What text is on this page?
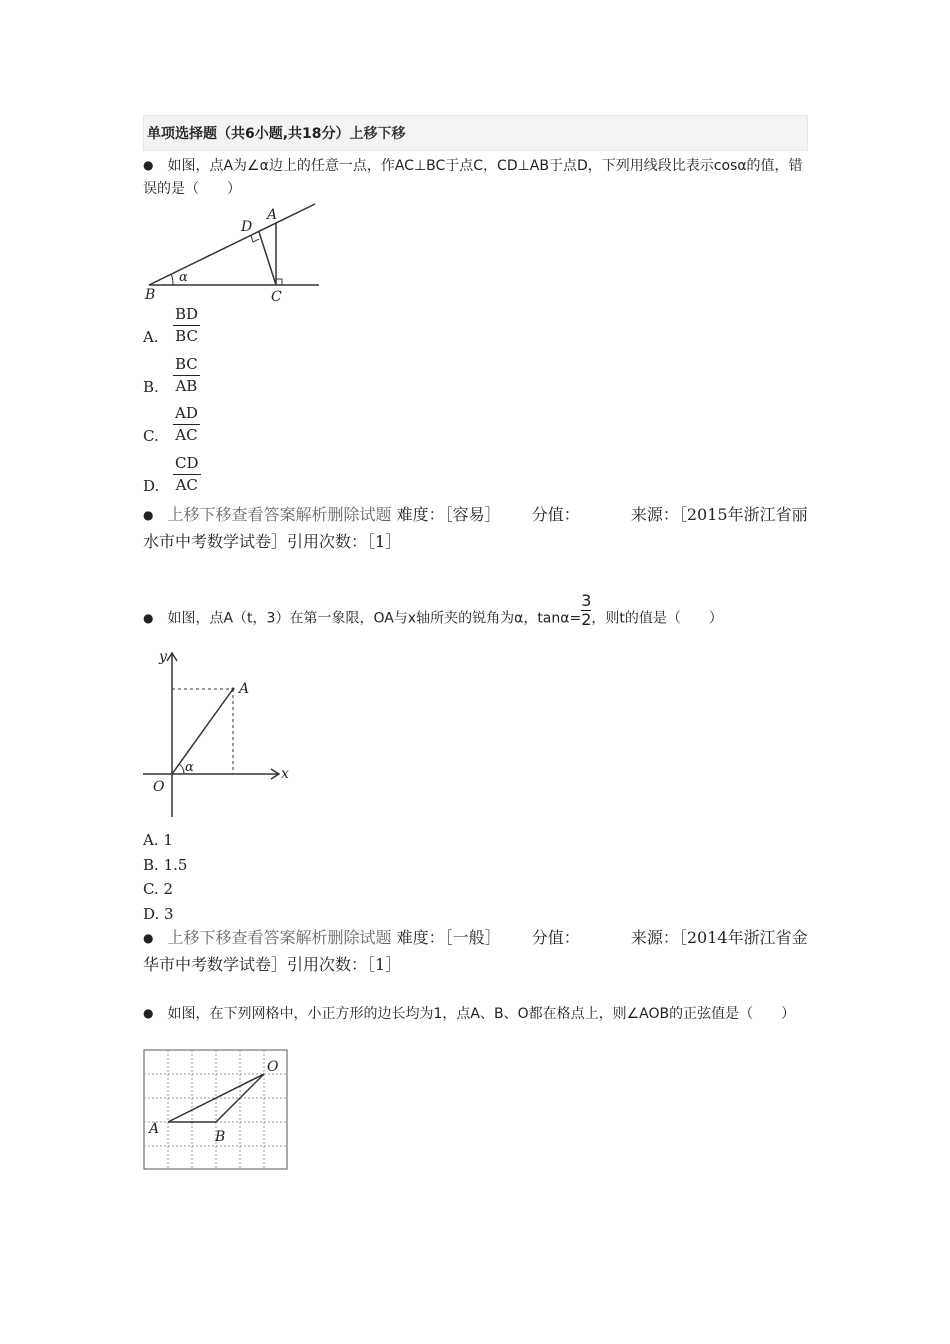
单项选择题（共6小题,共18分）上移下移
● 如图，点A为∠α边上的任意一点，作AC⊥BC于点C，CD⊥AB于点D，下列用线段比表示cosα的值，错误的是（　　）
A
B	C
D
α
A. $\frac{BD}{BC}$
B. $\frac{BC}{AB}$
C. $\frac{AD}{AC}$
D. $\frac{CD}{AC}$
● 上移下移查看答案解析删除试题 难度：［容易］ 分值：	来源：［2015年浙江省丽水市中考数学试卷］引用次数：［1］
● 如图，点A（t，3）在第一象限，OA与x轴所夹的锐角为α，$\tan\alpha= \frac{3}{2}$ ，则t的值是（　　）
y
x
A
O
α
A. 1
B. 1.5
C. 2
D. 3
● 上移下移查看答案解析删除试题 难度：［一般］ 分值：	来源：［2014年浙江省金华市中考数学试卷］引用次数：［1］
● 如图，在下列网格中，小正方形的边长均为1，点A、B、O都在格点上，则∠AOB的正弦值是（　　）
O
A	B
